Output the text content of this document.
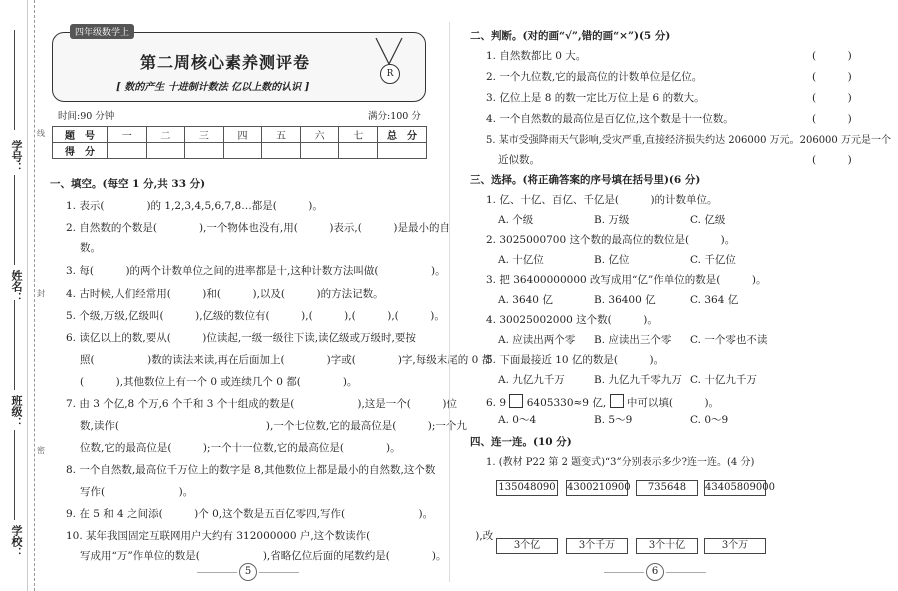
学号：
姓名：
班级：
学校：
线
封
密
四年级数学上
第二周核心素养测评卷
[ 数的产生 十进制计数法 亿以上数的认识 ]
R
时间:90 分钟	满分:100 分
题　号	一	二	三	四	五	六	七	总　分
得　分								
一、填空。(每空 1 分,共 33 分)
1. 表示(　　　　)的 1,2,3,4,5,6,7,8…都是(　　　)。
2. 自然数的个数是(　　　　),一个物体也没有,用(　　　)表示,(　　　)是最小的自
数。
3. 每(　　　)的两个计数单位之间的进率都是十,这种计数方法叫做(　　　　　)。
4. 古时候,人们经常用(　　　)和(　　　),以及(　　　)的方法记数。
5. 个级,万级,亿级叫(　　　),亿级的数位有(　　　),(　　　),(　　　),(　　　)。
6. 读亿以上的数,要从(　　　)位读起,一级一级往下读,读亿级或万级时,要按
照(　　　　　)数的读法来读,再在后面加上(　　　　)字或(　　　　)字,每级末尾的 0 都
(　　　),其他数位上有一个 0 或连续几个 0 都(　　　　)。
7. 由 3 个亿,8 个万,6 个千和 3 个十组成的数是(　　　　　　),这是一个(　　　)位
数,读作(　　　　　　　　　　　　　　),一个七位数,它的最高位是(　　　);一个九
位数,它的最高位是(　　　);一个十一位数,它的最高位是(　　　　)。
8. 一个自然数,最高位千万位上的数字是 8,其他数位上都是最小的自然数,这个数
写作(　　　　　　　)。
9. 在 5 和 4 之间添(　　　)个 0,这个数是五百亿零四,写作(　　　　　　　)。
10. 某年我国固定互联网用户大约有 312000000 户,这个数读作(　　　　　　　　　　),改
写成用“万”作单位的数是(　　　　　　),省略亿位后面的尾数约是(　　　　)。
5
二、判断。(对的画“√”,错的画“×”)(5 分)
1. 自然数都比 0 大。	(　　　)
2. 一个九位数,它的最高位的计数单位是亿位。	(　　　)
3. 亿位上是 8 的数一定比万位上是 6 的数大。	(　　　)
4. 一个自然数的最高位是百亿位,这个数是十一位数。	(　　　)
5. 某市受强降雨天气影响,受灾严重,直接经济损失约达 206000 万元。206000 万元是一个
近似数。	(　　　)
三、选择。(将正确答案的序号填在括号里)(6 分)
1. 亿、十亿、百亿、千亿是(　　　)的计数单位。
A. 个级	B. 万级	C. 亿级
2. 3025000700 这个数的最高位的数位是(　　　)。
A. 十亿位	B. 亿位	C. 千亿位
3. 把 36400000000 改写成用“亿”作单位的数是(　　　)。
A. 3640 亿	B. 36400 亿	C. 364 亿
4. 30025002000 这个数(　　　)。
A. 应读出两个零 B. 应读出三个零 C. 一个零也不读
5. 下面最接近 10 亿的数是(　　　)。
A. 九亿九千万	B. 九亿九千零九万 C. 十亿九千万
6. 9 6405330≈9 亿, 中可以填(　　　)。
A. 0～4	B. 5～9	C. 0～9
四、连一连。(10 分)
1. (教材 P22 第 2 题变式)“3”分别表示多少?连一连。(4 分)
135048090 4300210900	735648	43405809000
3个亿	3个千万	3个十亿	3个万
6
